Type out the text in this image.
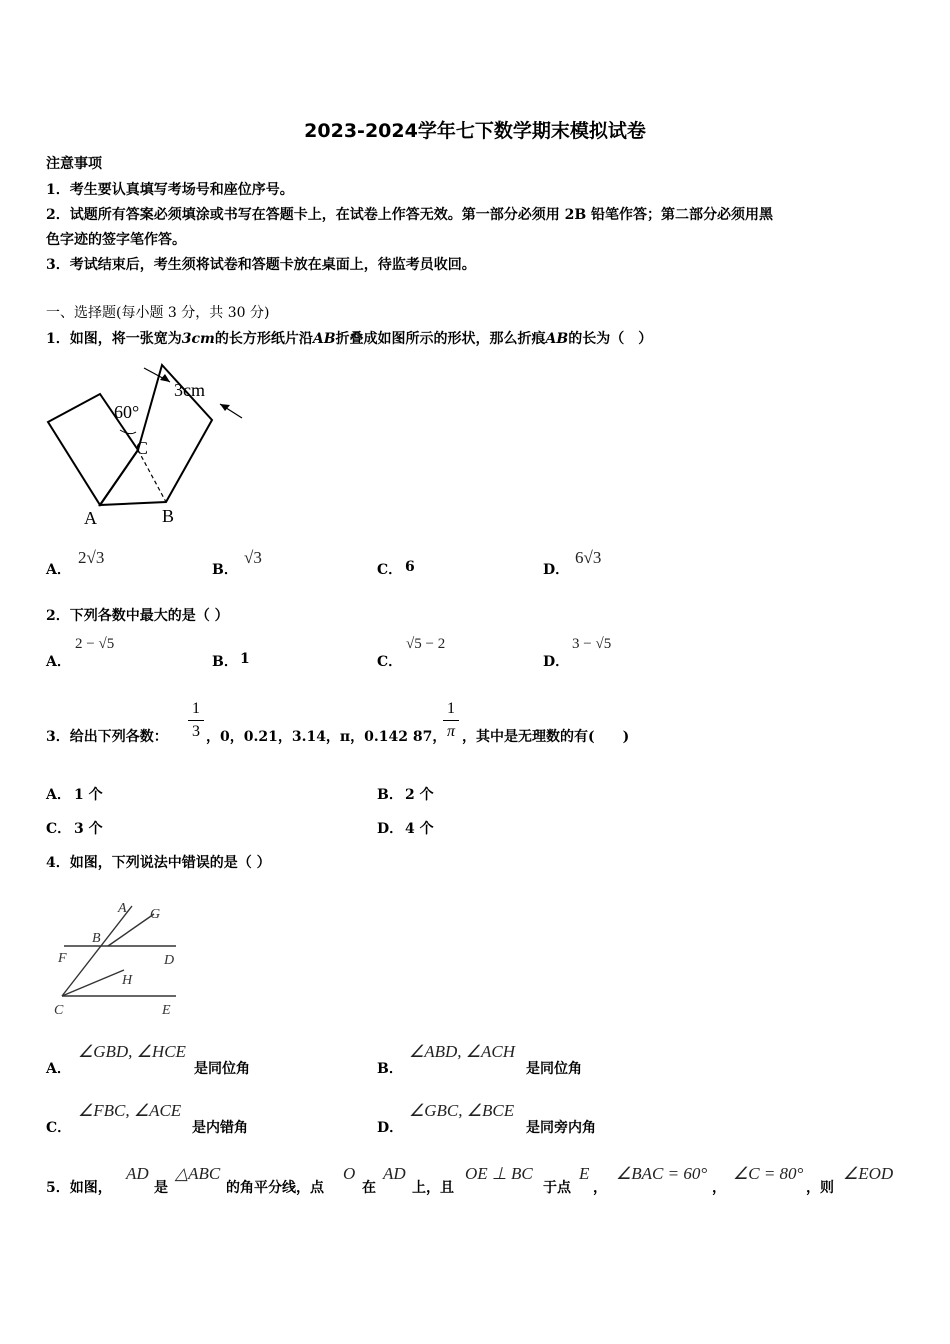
2023-2024学年七下数学期末模拟试卷
注意事项
1．考生要认真填写考场号和座位序号。
2．试题所有答案必须填涂或书写在答题卡上，在试卷上作答无效。第一部分必须用 2B 铅笔作答；第二部分必须用黑
色字迹的签字笔作答。
3．考试结束后，考生须将试卷和答题卡放在桌面上，待监考员收回。
一、选择题(每小题 3 分，共 30 分)
1．如图，将一张宽为3cm的长方形纸片沿AB折叠成如图所示的形状，那么折痕AB的长为（　）
3cm
60°
C
A	B
A．
2√3
B．
√3
C． 6	D．
6√3
2．下列各数中最大的是（ ）
A．
2 − √5
B． 1	C．
√5 − 2
D．
3 − √5
3．给出下列各数：
1
3 ，0，0.21，3.14，π，0.142 87，
1
π ，其中是无理数的有(　　)
A． 1 个	B． 2 个
C． 3 个	D． 4 个
4．如图，下列说法中错误的是（ ）
A G
B
F	D
H
C	E
A．
∠GBD, ∠HCE
是同位角	B．
∠ABD, ∠ACH
是同位角
C．
∠FBC, ∠ACE
是内错角	D．
∠GBC, ∠BCE
是同旁内角
5．如图，
AD
是
△ABC
的角平分线，点
O
在
AD
上，且
OE ⊥ BC
于点
E
，
∠BAC = 60°
，
∠C = 80°
，则
∠EOD
